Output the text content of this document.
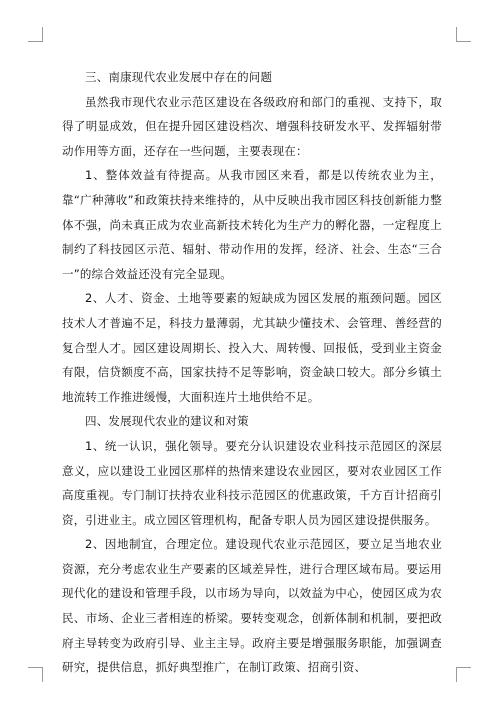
三、南康现代农业发展中存在的问题

虽然我市现代农业示范区建设在各级政府和部门的重视、支持下，取得了明显成效，但在提升园区建设档次、增强科技研发水平、发挥辐射带动作用等方面，还存在一些问题，主要表现在：

1、整体效益有待提高。从我市园区来看，都是以传统农业为主，靠“广种薄收”和政策扶持来维持的，从中反映出我市园区科技创新能力整体不强，尚未真正成为农业高新技术转化为生产力的孵化器，一定程度上制约了科技园区示范、辐射、带动作用的发挥，经济、社会、生态“三合一”的综合效益还没有完全显现。

2、人才、资金、土地等要素的短缺成为园区发展的瓶颈问题。园区技术人才普遍不足，科技力量薄弱，尤其缺少懂技术、会管理、善经营的复合型人才。园区建设周期长、投入大、周转慢、回报低，受到业主资金有限，信贷额度不高，国家扶持不足等影响，资金缺口较大。部分乡镇土地流转工作推进缓慢，大面积连片土地供给不足。

四、发展现代农业的建议和对策

1、统一认识，强化领导。要充分认识建设农业科技示范园区的深层意义，应以建设工业园区那样的热情来建设农业园区，要对农业园区工作高度重视。专门制订扶持农业科技示范园区的优惠政策，千方百计招商引资，引进业主。成立园区管理机构，配备专职人员为园区建设提供服务。

2、因地制宜，合理定位。建设现代农业示范园区，要立足当地农业资源，充分考虑农业生产要素的区域差异性，进行合理区域布局。要运用现代化的建设和管理手段，以市场为导向，以效益为中心，使园区成为农民、市场、企业三者相连的桥梁。要转变观念，创新体制和机制，要把政府主导转变为政府引导、业主主导。政府主要是增强服务职能，加强调查研究，提供信息，抓好典型推广，在制订政策、招商引资、
